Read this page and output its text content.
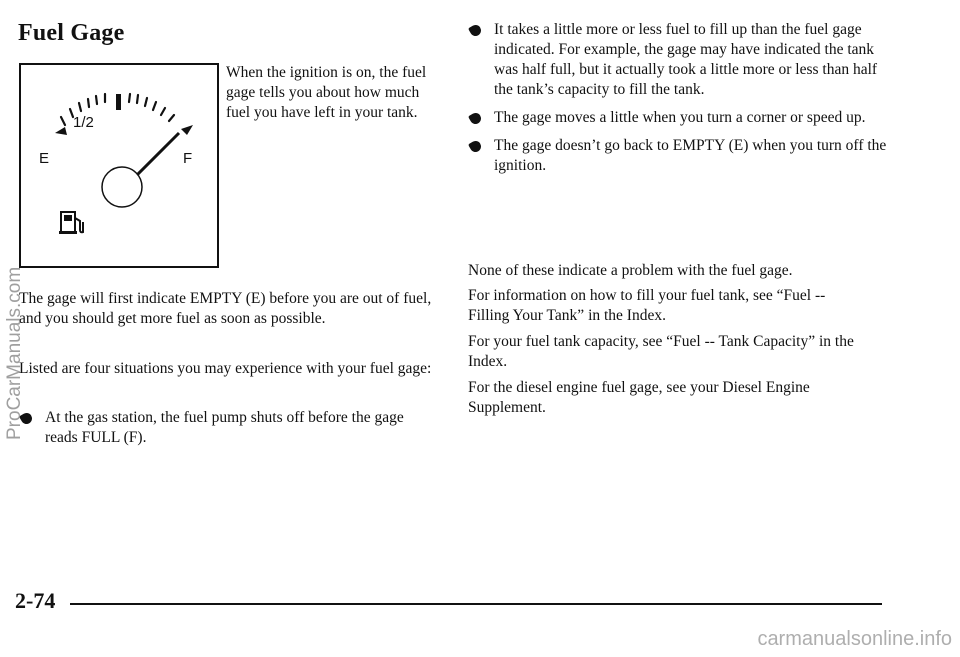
Fuel Gage
1/2
E	F
When the ignition is on, the fuel gage tells you about how much fuel you have left in your tank.
The gage will first indicate EMPTY (E) before you are out of fuel, and you should get more fuel as soon as possible.
Listed are four situations you may experience with your fuel gage:
At the gas station, the fuel pump shuts off before the gage reads FULL (F).
It takes a little more or less fuel to fill up than the fuel gage indicated. For example, the gage may have indicated the tank was half full, but it actually took a little more or less than half the tank’s capacity to fill the tank.
The gage moves a little when you turn a corner or speed up.
The gage doesn’t go back to EMPTY (E) when you turn off the ignition.
None of these indicate a problem with the fuel gage.
For information on how to fill your fuel tank, see “Fuel -- Filling Your Tank” in the Index.
For your fuel tank capacity, see “Fuel -- Tank Capacity” in the Index.
For the diesel engine fuel gage, see your Diesel Engine Supplement.
2-74
ProCarManuals.com
carmanualsonline.info
